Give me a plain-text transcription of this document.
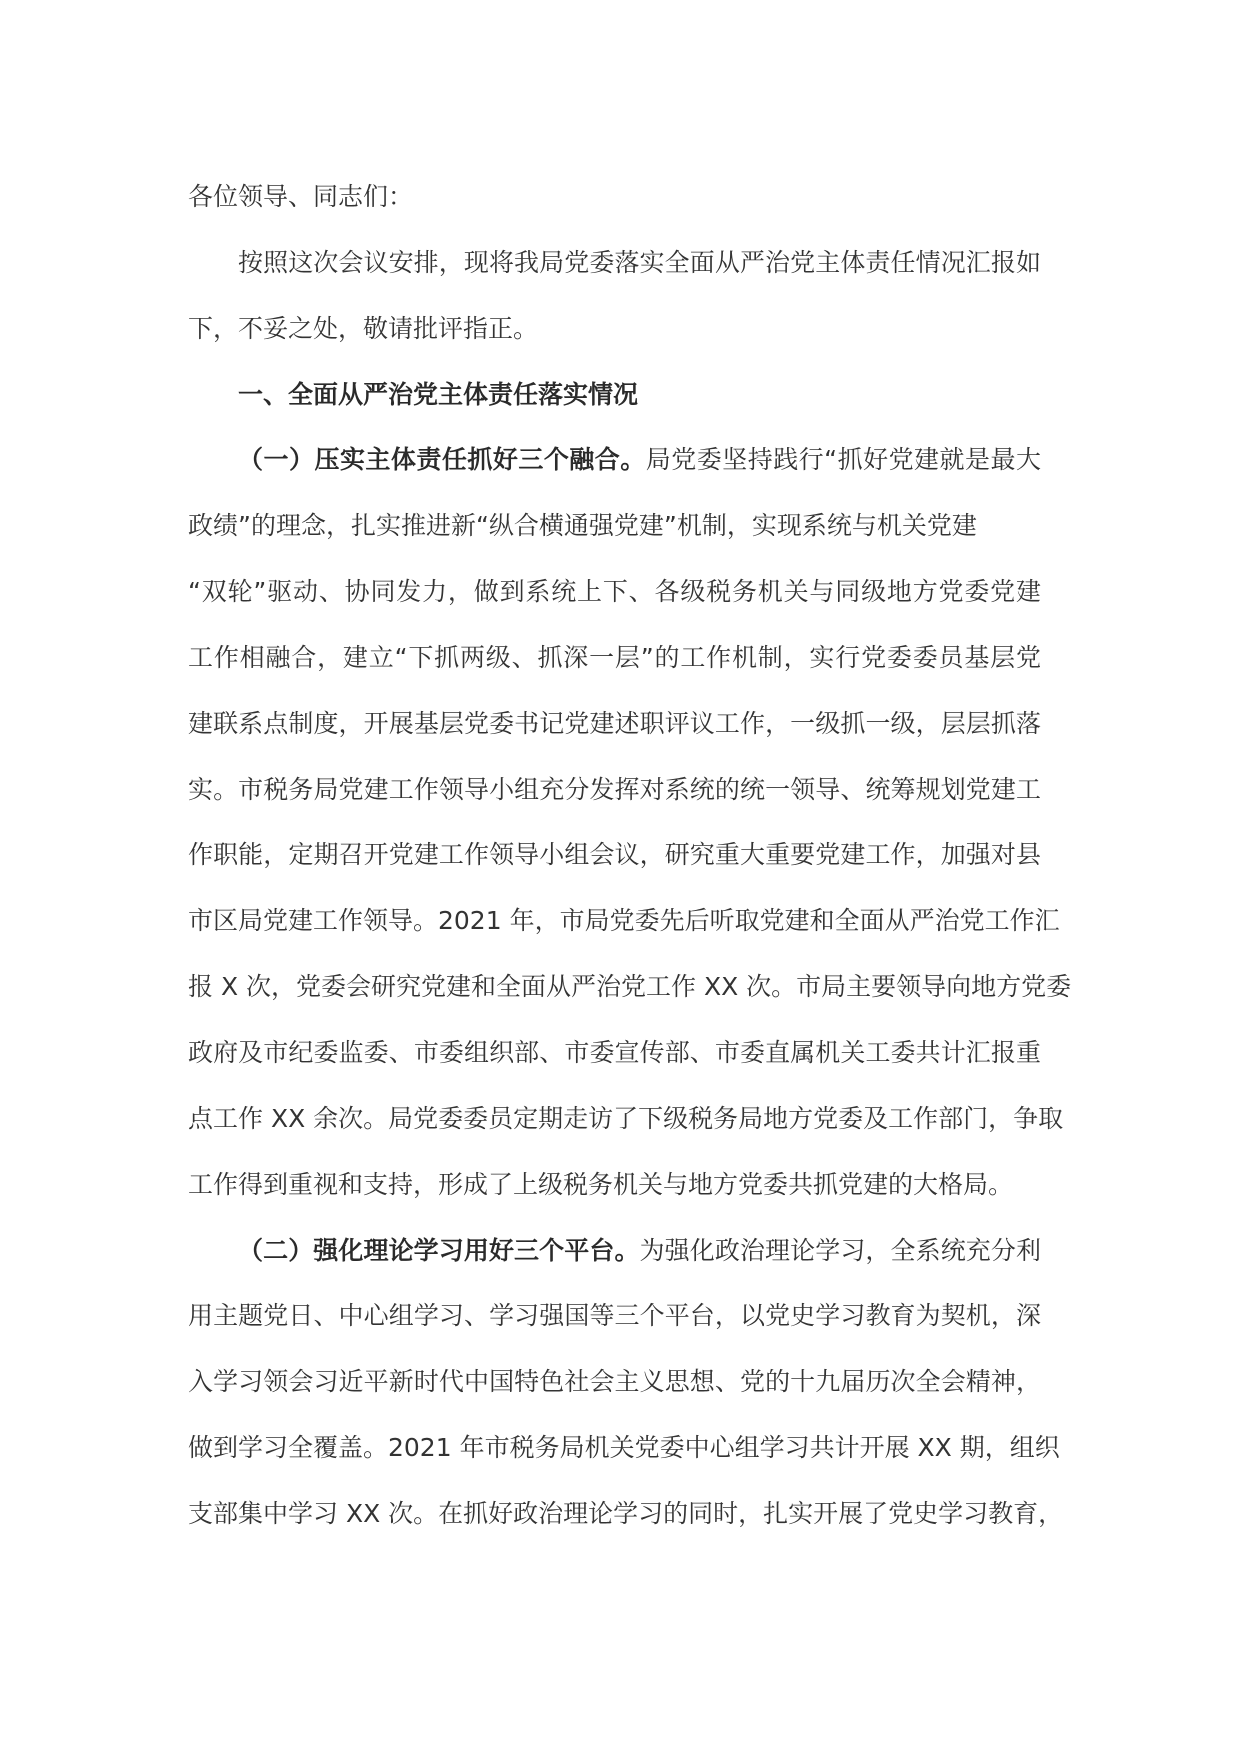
各位领导、同志们：
按照这次会议安排，现将我局党委落实全面从严治党主体责任情况汇报如
下，不妥之处，敬请批评指正。
一、全面从严治党主体责任落实情况
（一）压实主体责任抓好三个融合。局党委坚持践行“抓好党建就是最大
政绩”的理念，扎实推进新“纵合横通强党建”机制，实现系统与机关党建
“双轮”驱动、协同发力，做到系统上下、各级税务机关与同级地方党委党建
工作相融合，建立“下抓两级、抓深一层”的工作机制，实行党委委员基层党
建联系点制度，开展基层党委书记党建述职评议工作，一级抓一级，层层抓落
实。市税务局党建工作领导小组充分发挥对系统的统一领导、统筹规划党建工
作职能，定期召开党建工作领导小组会议，研究重大重要党建工作，加强对县
市区局党建工作领导。2021 年，市局党委先后听取党建和全面从严治党工作汇
报 X 次，党委会研究党建和全面从严治党工作 XX 次。市局主要领导向地方党委
政府及市纪委监委、市委组织部、市委宣传部、市委直属机关工委共计汇报重
点工作 XX 余次。局党委委员定期走访了下级税务局地方党委及工作部门，争取
工作得到重视和支持，形成了上级税务机关与地方党委共抓党建的大格局。
（二）强化理论学习用好三个平台。为强化政治理论学习，全系统充分利
用主题党日、中心组学习、学习强国等三个平台，以党史学习教育为契机，深
入学习领会习近平新时代中国特色社会主义思想、党的十九届历次全会精神，
做到学习全覆盖。2021 年市税务局机关党委中心组学习共计开展 XX 期，组织
支部集中学习 XX 次。在抓好政治理论学习的同时，扎实开展了党史学习教育，
